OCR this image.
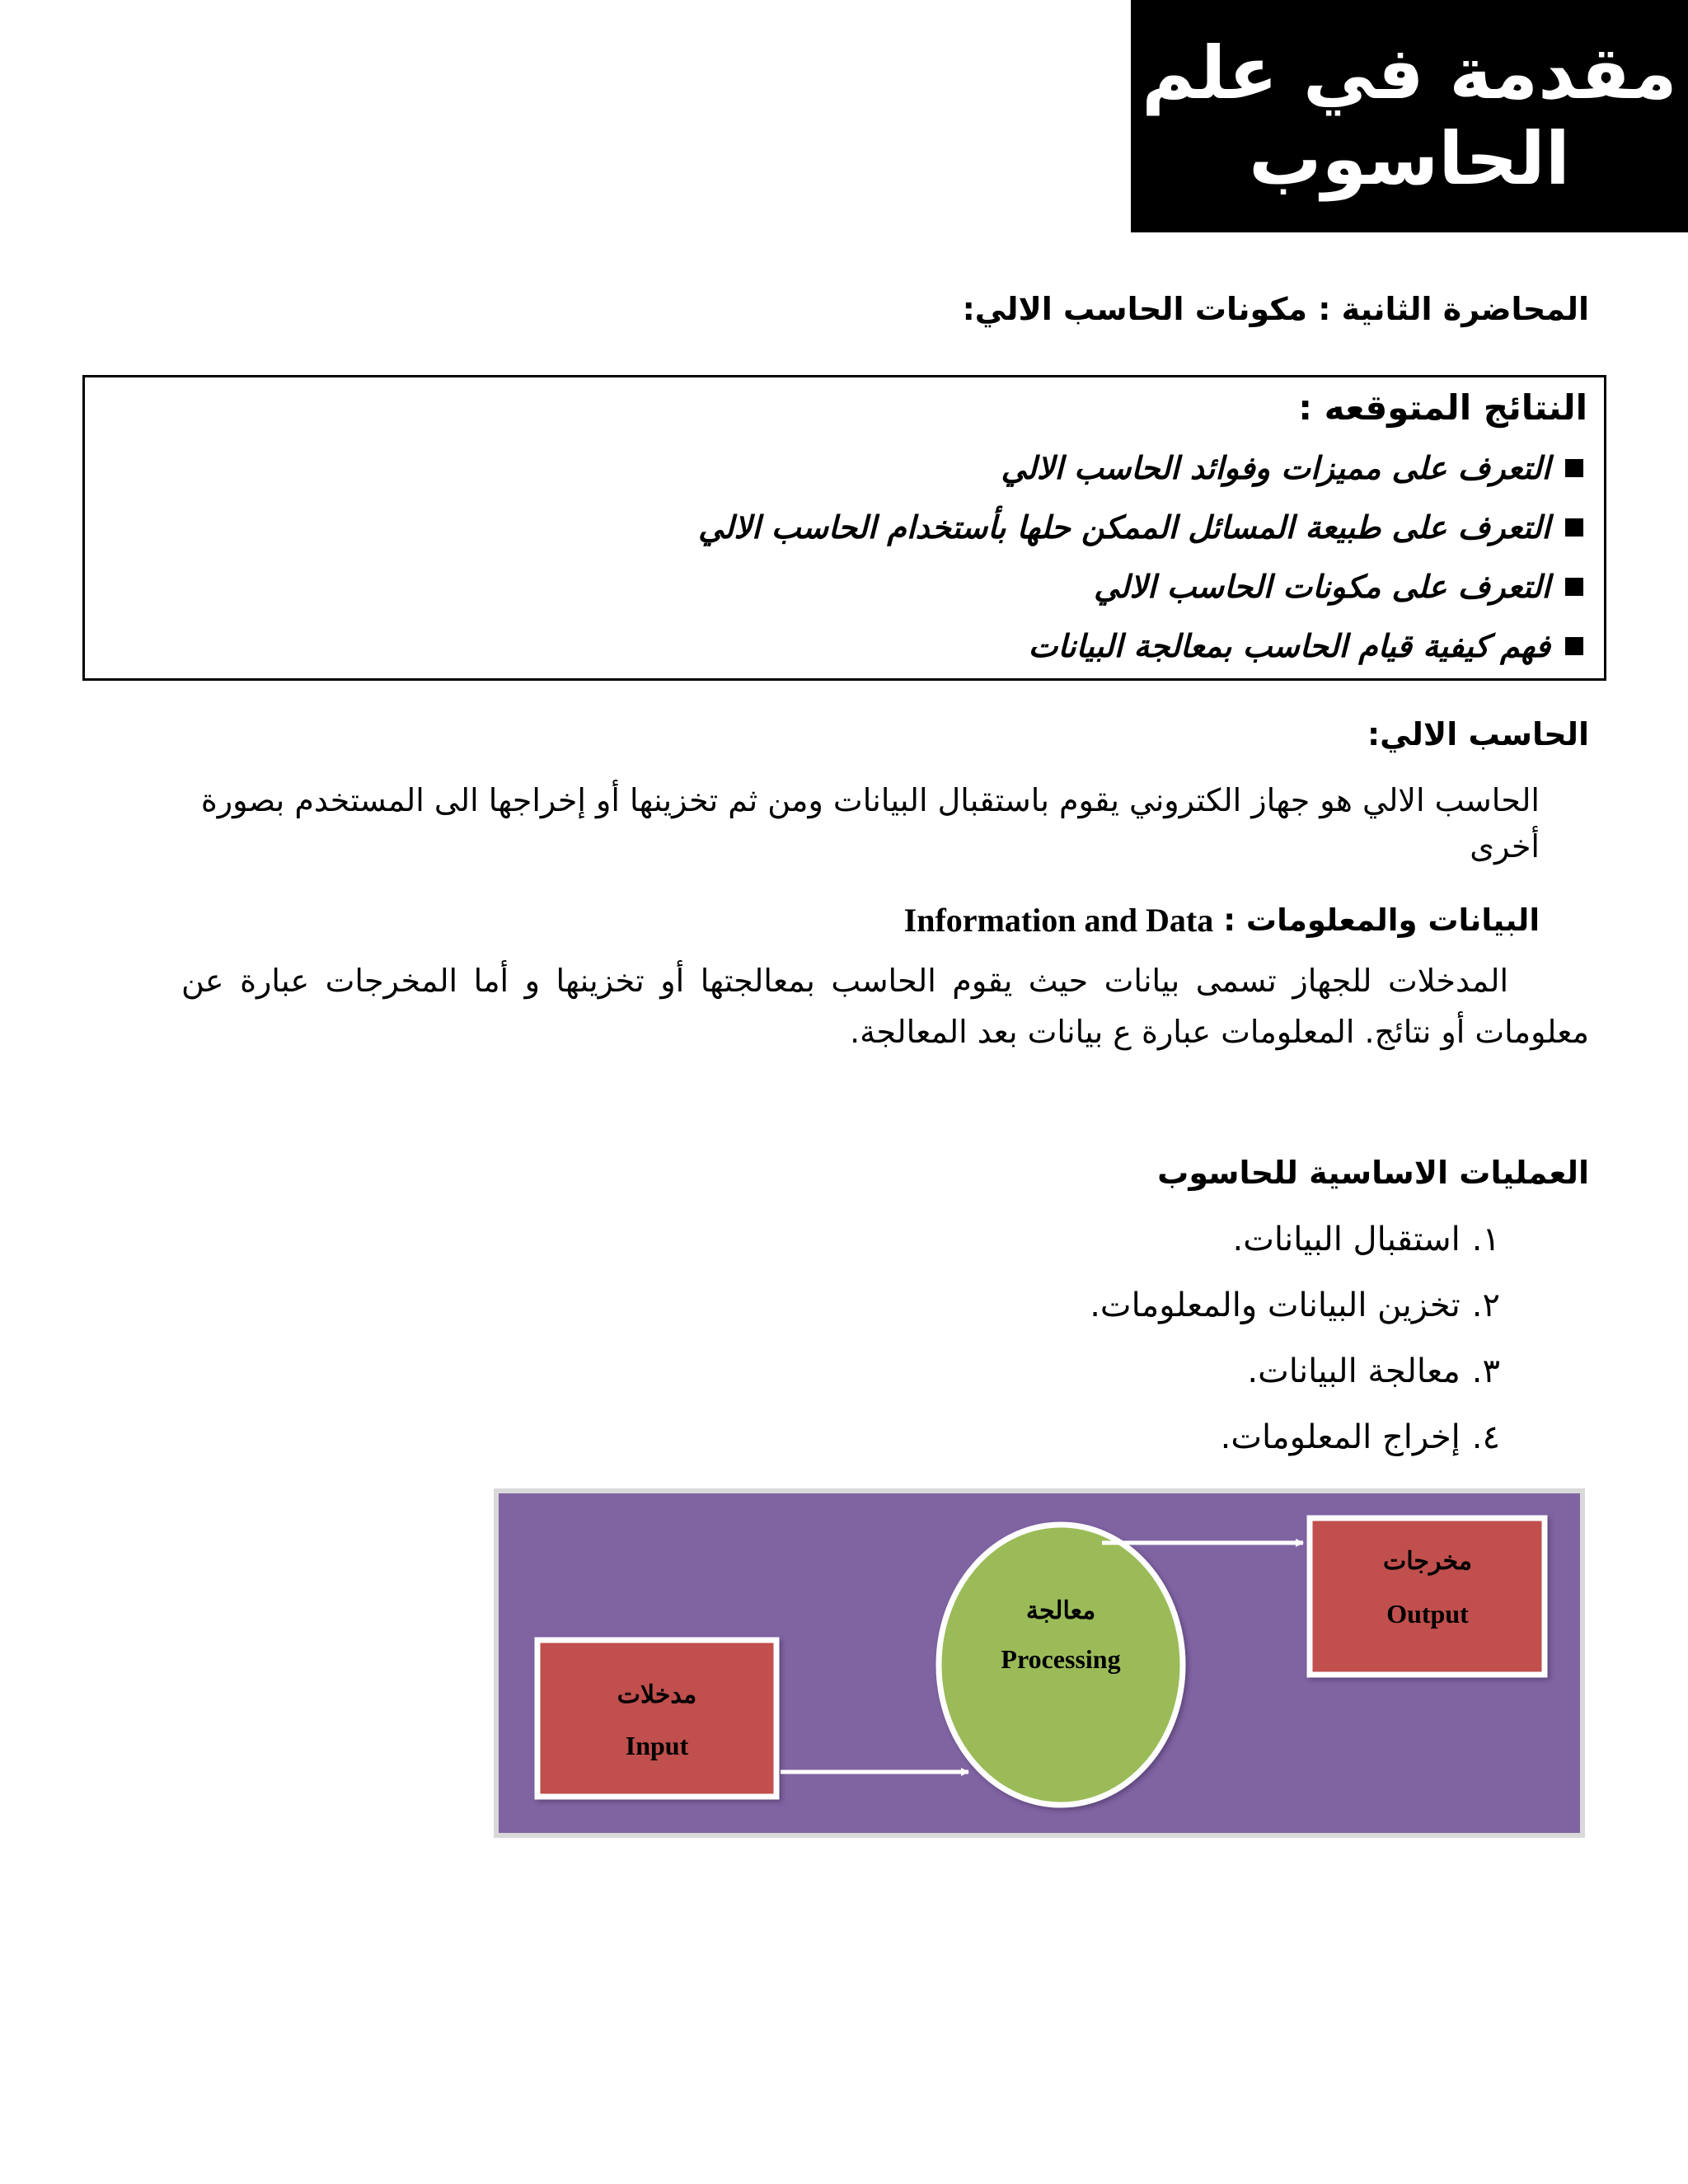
مقدمة في علم
الحاسوب
المحاضرة الثانية : مكونات الحاسب الالي:
النتائج المتوقعه :
التعرف على مميزات وفوائد الحاسب الالي
التعرف على طبيعة المسائل الممكن حلها بأستخدام الحاسب الالي
التعرف على مكونات الحاسب الالي
فهم كيفية قيام الحاسب بمعالجة البيانات
الحاسب الالي:
الحاسب الالي هو جهاز الكتروني يقوم باستقبال البيانات ومن ثم تخزينها أو إخراجها الى المستخدم بصورة
أخرى
Information and Data البيانات والمعلومات :
المدخلات للجهاز تسمى بيانات حيث يقوم الحاسب بمعالجتها أو تخزينها و أما المخرجات عبارة عن
معلومات أو نتائج. المعلومات عبارة ع بيانات بعد المعالجة.
العمليات الاساسية للحاسوب
١.
استقبال البيانات.
٢.
تخزين البيانات والمعلومات.
٣.
معالجة البيانات.
٤.
إخراج المعلومات.
مدخلات
Input
معالجة
Processing
مخرجات
Output
